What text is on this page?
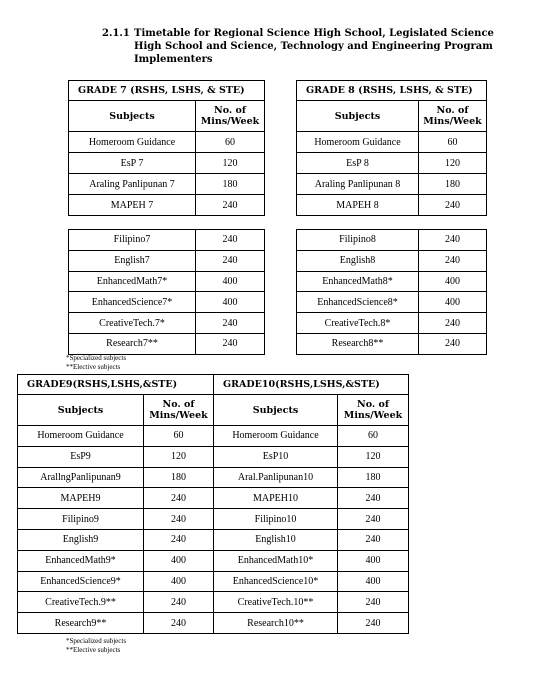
2.1.1 Timetable for Regional Science High School, Legislated Science High School and Science, Technology and Engineering Program Implementers
GRADE 7 (RSHS, LSHS, & STE)	
Subjects	No. of Mins/Week
Homeroom Guidance	60
EsP 7	120
Araling Panlipunan 7	180
MAPEH 7	240
GRADE 8 (RSHS, LSHS, & STE)	
Subjects	No. of Mins/Week
Homeroom Guidance	60
EsP 8	120
Araling Panlipunan 8	180
MAPEH 8	240
Filipino7	240
English7	240
EnhancedMath7*	400
EnhancedScience7*	400
CreativeTech.7*	240
Research7**	240
Filipino8	240
English8	240
EnhancedMath8*	400
EnhancedScience8*	400
CreativeTech.8*	240
Research8**	240
*Specialized subjects
**Elective subjects
GRADE9(RSHS,LSHS,&STE)	
Subjects	No. of Mins/Week
Homeroom Guidance	60
EsP9	120
ArallngPanlipunan9	180
MAPEH9	240
Filipino9	240
English9	240
EnhancedMath9*	400
EnhancedScience9*	400
CreativeTech.9**	240
Research9**	240
GRADE10(RSHS,LSHS,&STE)	
Subjects	No. of Mins/Week
Homeroom Guidance	60
EsP10	120
Aral.Panlipunan10	180
MAPEH10	240
Filipino10	240
English10	240
EnhancedMath10*	400
EnhancedScience10*	400
CreativeTech.10**	240
Research10**	240
*Specialized subjects
**Elective subjects
